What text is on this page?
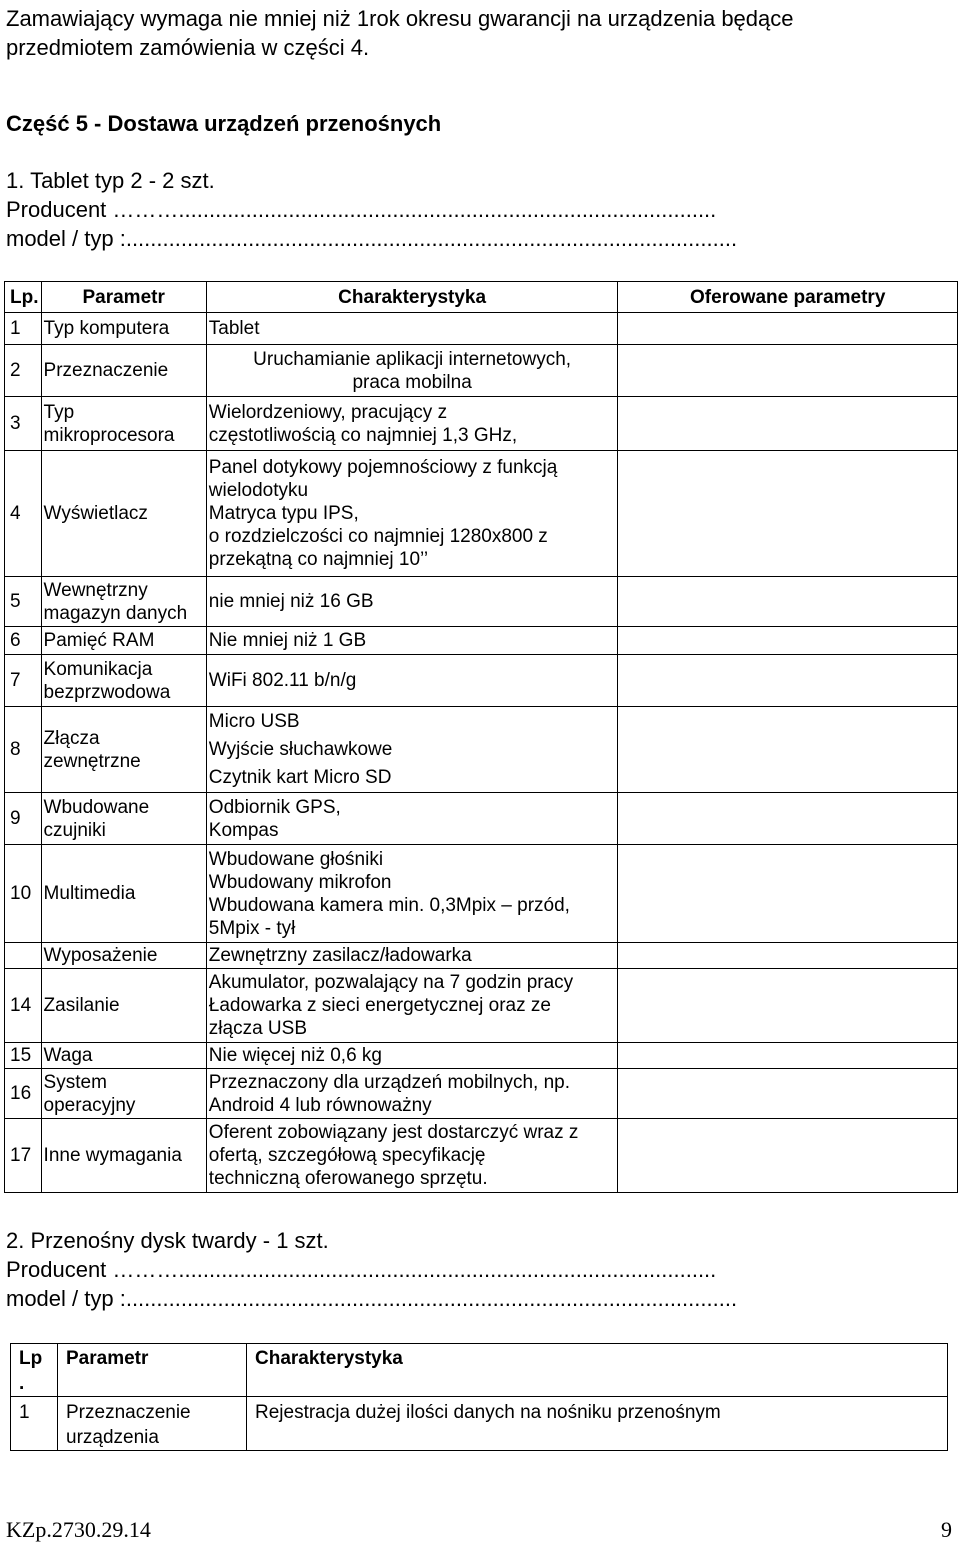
Zamawiający wymaga nie mniej niż 1rok okresu gwarancji na urządzenia będące
przedmiotem zamówienia w części 4.
Część 5 - Dostawa urządzeń przenośnych
1. Tablet typ 2 - 2 szt.
Producent ………........................................................................................
model / typ :....................................................................................................
Lp.	Parametr	Charakterystyka	Oferowane parametry
1	Typ komputera	Tablet	
2	Przeznaczenie	Uruchamianie aplikacji internetowych,
praca mobilna	
3	Typ
mikroprocesora	Wielordzeniowy, pracujący z
częstotliwością co najmniej 1,3 GHz,	
4	Wyświetlacz	Panel dotykowy pojemnościowy z funkcją
wielodotyku
Matryca typu IPS,
o rozdzielczości co najmniej 1280x800 z
przekątną co najmniej 10’’	
5	Wewnętrzny
magazyn danych	nie mniej niż 16 GB	
6	Pamięć RAM	Nie mniej niż 1 GB	
7	Komunikacja
bezprzwodowa	WiFi 802.11 b/n/g	
8	Złącza
zewnętrzne	Micro USB
Wyjście słuchawkowe
Czytnik kart Micro SD	
9	Wbudowane
czujniki	Odbiornik GPS,
Kompas	
10	Multimedia	Wbudowane głośniki
Wbudowany mikrofon
Wbudowana kamera min. 0,3Mpix – przód,
5Mpix - tył	
	Wyposażenie	Zewnętrzny zasilacz/ładowarka	
14	Zasilanie	Akumulator, pozwalający na 7 godzin pracy
Ładowarka z sieci energetycznej oraz ze
złącza USB	
15	Waga	Nie więcej niż 0,6 kg	
16	System
operacyjny	Przeznaczony dla urządzeń mobilnych, np.
Android 4 lub równoważny	
17	Inne wymagania	Oferent zobowiązany jest dostarczyć wraz z
ofertą, szczegółową specyfikację
techniczną oferowanego sprzętu.	
2. Przenośny dysk twardy - 1 szt.
Producent ………........................................................................................
model / typ :....................................................................................................
Lp
.	Parametr	Charakterystyka
1	Przeznaczenie
urządzenia	Rejestracja dużej ilości danych na nośniku przenośnym
KZp.2730.29.14	9
